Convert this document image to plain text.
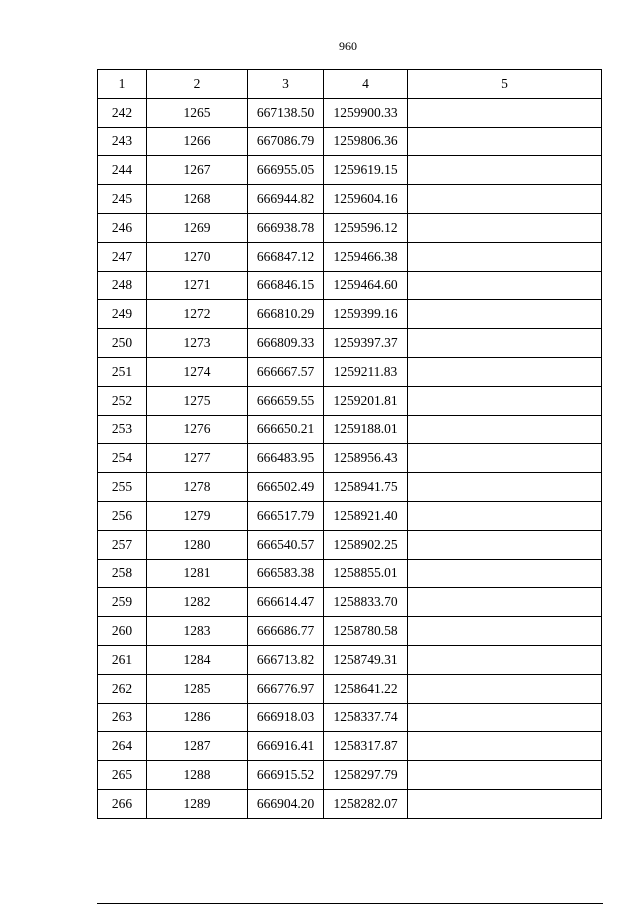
960
1	2	3	4	5
242	1265	667138.50	1259900.33	
243	1266	667086.79	1259806.36	
244	1267	666955.05	1259619.15	
245	1268	666944.82	1259604.16	
246	1269	666938.78	1259596.12	
247	1270	666847.12	1259466.38	
248	1271	666846.15	1259464.60	
249	1272	666810.29	1259399.16	
250	1273	666809.33	1259397.37	
251	1274	666667.57	1259211.83	
252	1275	666659.55	1259201.81	
253	1276	666650.21	1259188.01	
254	1277	666483.95	1258956.43	
255	1278	666502.49	1258941.75	
256	1279	666517.79	1258921.40	
257	1280	666540.57	1258902.25	
258	1281	666583.38	1258855.01	
259	1282	666614.47	1258833.70	
260	1283	666686.77	1258780.58	
261	1284	666713.82	1258749.31	
262	1285	666776.97	1258641.22	
263	1286	666918.03	1258337.74	
264	1287	666916.41	1258317.87	
265	1288	666915.52	1258297.79	
266	1289	666904.20	1258282.07	
